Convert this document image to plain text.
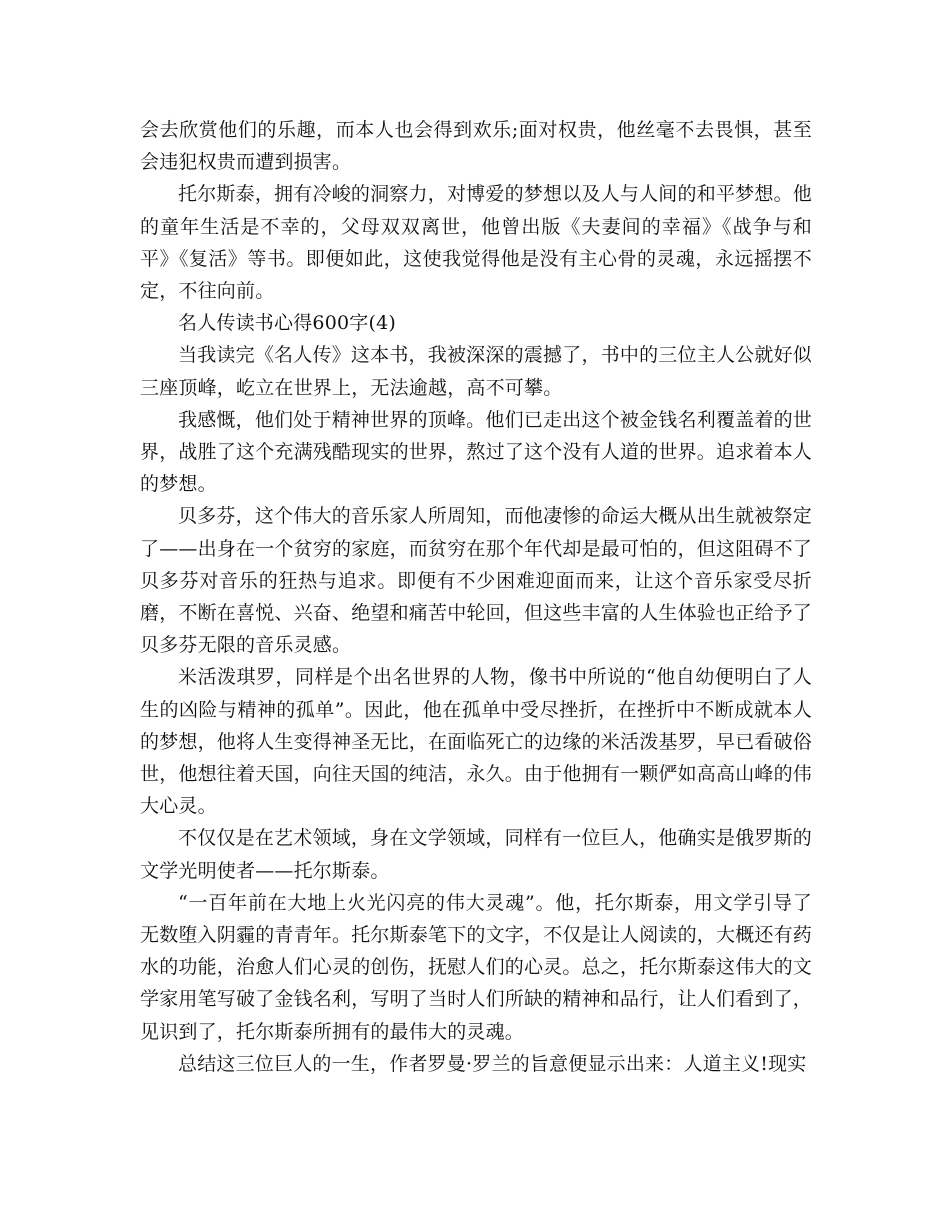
会去欣赏他们的乐趣，而本人也会得到欢乐;面对权贵，他丝毫不去畏惧，甚至会违犯权贵而遭到损害。

托尔斯泰，拥有冷峻的洞察力，对博爱的梦想以及人与人间的和平梦想。他的童年生活是不幸的，父母双双离世，他曾出版《夫妻间的幸福》《战争与和平》《复活》等书。即便如此，这使我觉得他是没有主心骨的灵魂，永远摇摆不定，不往向前。

名人传读书心得600字(4)

当我读完《名人传》这本书，我被深深的震撼了，书中的三位主人公就好似三座顶峰，屹立在世界上，无法逾越，高不可攀。

我感慨，他们处于精神世界的顶峰。他们已走出这个被金钱名利覆盖着的世界，战胜了这个充满残酷现实的世界，熬过了这个没有人道的世界。追求着本人的梦想。

贝多芬，这个伟大的音乐家人所周知，而他凄惨的命运大概从出生就被祭定了——出身在一个贫穷的家庭，而贫穷在那个年代却是最可怕的，但这阻碍不了贝多芬对音乐的狂热与追求。即便有不少困难迎面而来，让这个音乐家受尽折磨，不断在喜悦、兴奋、绝望和痛苦中轮回，但这些丰富的人生体验也正给予了贝多芬无限的音乐灵感。

米活泼琪罗，同样是个出名世界的人物，像书中所说的“他自幼便明白了人生的凶险与精神的孤单”。因此，他在孤单中受尽挫折，在挫折中不断成就本人的梦想，他将人生变得神圣无比，在面临死亡的边缘的米活泼基罗，早已看破俗世，他想往着天国，向往天国的纯洁，永久。由于他拥有一颗俨如高高山峰的伟大心灵。

不仅仅是在艺术领域，身在文学领域，同样有一位巨人，他确实是俄罗斯的文学光明使者——托尔斯泰。

“一百年前在大地上火光闪亮的伟大灵魂”。他，托尔斯泰，用文学引导了无数堕入阴霾的青青年。托尔斯泰笔下的文字，不仅是让人阅读的，大概还有药水的功能，治愈人们心灵的创伤，抚慰人们的心灵。总之，托尔斯泰这伟大的文学家用笔写破了金钱名利，写明了当时人们所缺的精神和品行，让人们看到了，见识到了，托尔斯泰所拥有的最伟大的灵魂。

总结这三位巨人的一生，作者罗曼·罗兰的旨意便显示出来：人道主义!现实
